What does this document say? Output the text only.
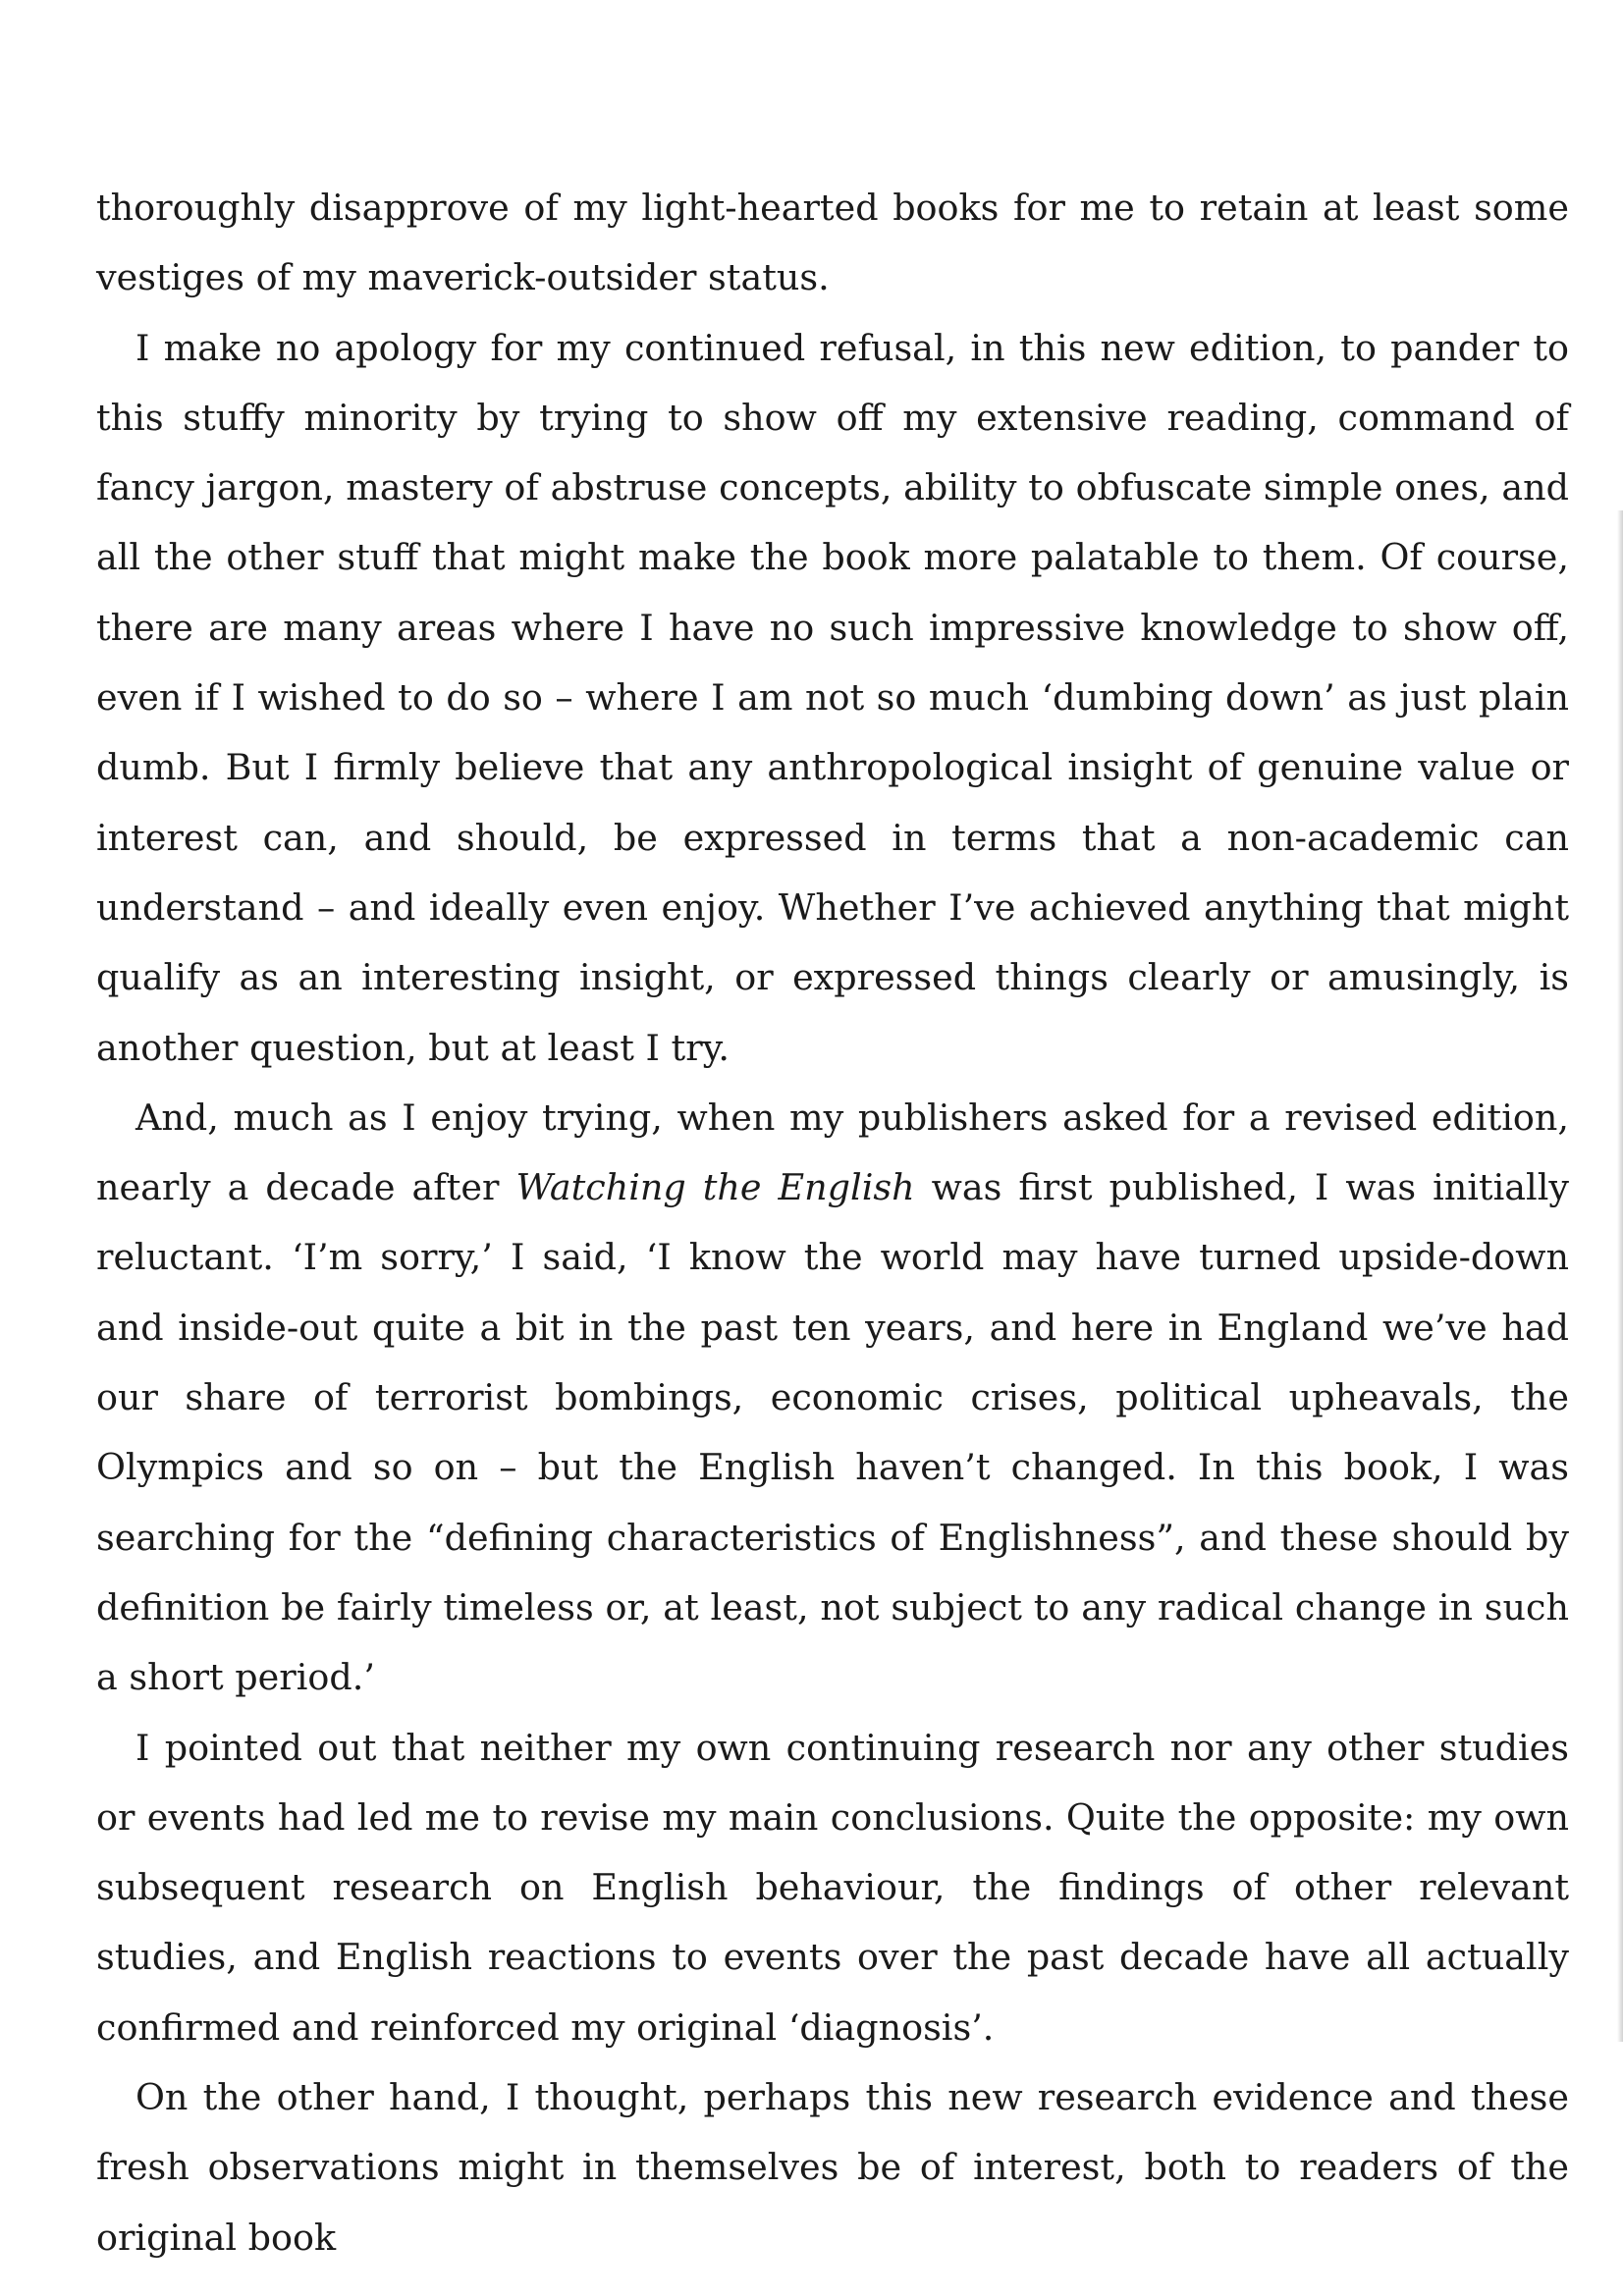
thoroughly disapprove of my light-hearted books for me to retain at least some vestiges of my maverick-outsider status.

I make no apology for my continued refusal, in this new edition, to pander to this stuffy minority by trying to show off my extensive reading, command of fancy jargon, mastery of abstruse concepts, ability to obfuscate simple ones, and all the other stuff that might make the book more palatable to them. Of course, there are many areas where I have no such impressive knowledge to show off, even if I wished to do so – where I am not so much ‘dumbing down’ as just plain dumb. But I firmly believe that any anthropological insight of genuine value or interest can, and should, be expressed in terms that a non-academic can understand – and ideally even enjoy. Whether I’ve achieved anything that might qualify as an interesting insight, or expressed things clearly or amusingly, is another question, but at least I try.

And, much as I enjoy trying, when my publishers asked for a revised edition, nearly a decade after Watching the English was first published, I was initially reluctant. ‘I’m sorry,’ I said, ‘I know the world may have turned upside-down and inside-out quite a bit in the past ten years, and here in England we’ve had our share of terrorist bombings, economic crises, political upheavals, the Olympics and so on – but the English haven’t changed. In this book, I was searching for the “defining characteristics of Englishness”, and these should by definition be fairly timeless or, at least, not subject to any radical change in such a short period.’

I pointed out that neither my own continuing research nor any other studies or events had led me to revise my main conclusions. Quite the opposite: my own subsequent research on English behaviour, the findings of other relevant studies, and English reactions to events over the past decade have all actually confirmed and reinforced my original ‘diagnosis’.

On the other hand, I thought, perhaps this new research evidence and these fresh observations might in themselves be of interest, both to readers of the original book
